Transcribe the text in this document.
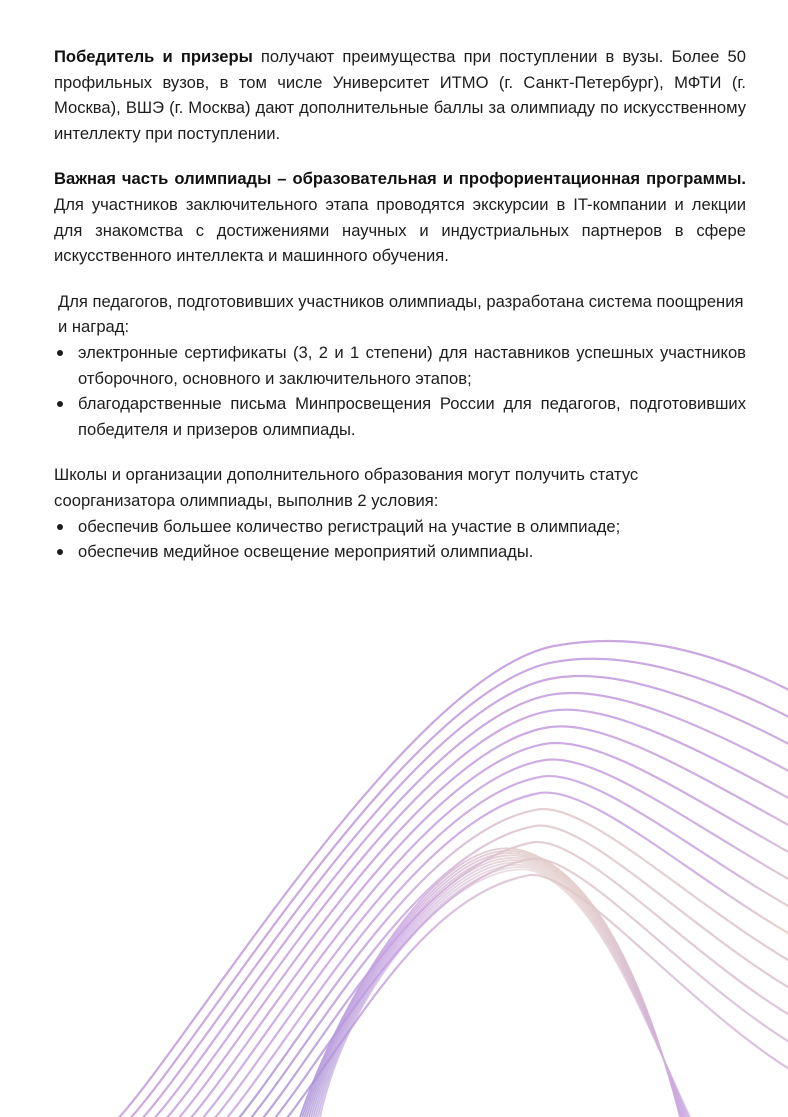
Победитель и призеры получают преимущества при поступлении в вузы. Более 50 профильных вузов, в том числе Университет ИТМО (г. Санкт-Петербург), МФТИ (г. Москва), ВШЭ (г. Москва) дают дополнительные баллы за олимпиаду по искусственному интеллекту при поступлении.

Важная часть олимпиады – образовательная и профориентационная программы. Для участников заключительного этапа проводятся экскурсии в IT-компании и лекции для знакомства с достижениями научных и индустриальных партнеров в сфере искусственного интеллекта и машинного обучения.

Для педагогов, подготовивших участников олимпиады, разработана система поощрения и наград:

электронные сертификаты (3, 2 и 1 степени) для наставников успешных участников отборочного, основного и заключительного этапов;
благодарственные письма Минпросвещения России для педагогов, подготовивших победителя и призеров олимпиады.

Школы и организации дополнительного образования могут получить статус соорганизатора олимпиады, выполнив 2 условия:

обеспечив большее количество регистраций на участие в олимпиаде;
обеспечив медийное освещение мероприятий олимпиады.
